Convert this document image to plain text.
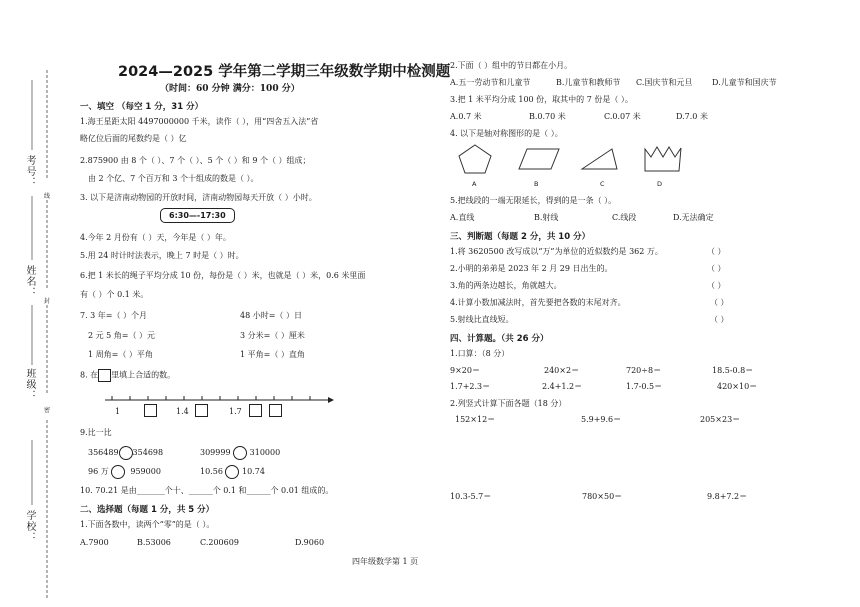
考号：
姓名：
班级：
学校：
线
封
密
2024—2025 学年第二学期三年级数学期中检测题
（时间：60 分钟 满分：100 分）
一、填空 （每空 1 分，31 分）
1.海王星距太阳 4497000000 千米，读作（ ），用“四舍五入法”省
略亿位后面的尾数约是（ ）亿
2.875900 由 8 个（ ）、7 个（ ）、5 个（ ）和 9 个（ ）组成；
由 2 个亿、7 个百万和 3 个十组成的数是（ ）。
3. 以下是济南动物园的开放时间，济南动物园每天开放（ ）小时。
6:30—-17:30
4.今年 2 月份有（ ）天，今年是（ ）年。
5.用 24 时计时法表示，晚上 7 时是（ ）时。
6.把 1 米长的绳子平均分成 10 份，每份是（ ）米，也就是（ ）米，0.6 米里面
有（ ）个 0.1 米。
7. 3 年=（ ）个月	48 小时=（ ）日
2 元 5 角=（ ）元	3 分米=（ ）厘米
1 周角=（ ）平角	1 平角=（ ）直角
8. 在 里填上合适的数。
1	1.4	1.7
9.比一比
356489 354698	309999 310000
96 万	959000	10.56 10.74
10. 70.21 是由_______个十、______个 0.1 和______个 0.01 组成的。
二、选择题（每题 1 分，共 5 分）
1.下面各数中，读两个“零”的是（ ）。
A.7900	B.53006	C.200609	D.9060
2.下面（ ）组中的节日都在小月。
A.五一劳动节和儿童节	B.儿童节和教师节 C.国庆节和元旦 D.儿童节和国庆节
3.把 1 米平均分成 100 份，取其中的 7 份是（ ）。
A.0.7 米	B.0.70 米	C.0.07 米	D.7.0 米
4. 以下是轴对称图形的是（ ）。
A	B	C	D
5.把线段的一端无限延长，得到的是一条（ ）。
A.直线	B.射线	C.线段	D.无法确定
三、判断题（每题 2 分，共 10 分）
1.将 3620500 改写成以“万”为单位的近似数约是 362 万。	（ ）
2.小明的弟弟是 2023 年 2 月 29 日出生的。	（ ）
3.角的两条边越长，角就越大。	（ ）
4.计算小数加减法时，首先要把各数的末尾对齐。	（ ）
5.射线比直线短。	（ ）
四、计算题。（共 26 分）
1.口算：（8 分）
9×20＝	240×2＝	720÷8＝	18.5-0.8＝
1.7+2.3＝	2.4+1.2＝	1.7-0.5＝	420×10＝
2.列竖式计算下面各题（18 分）
152×12＝	5.9+9.6＝	205×23＝
10.3-5.7＝	780×50＝	9.8+7.2＝
四年级数学第 1 页
